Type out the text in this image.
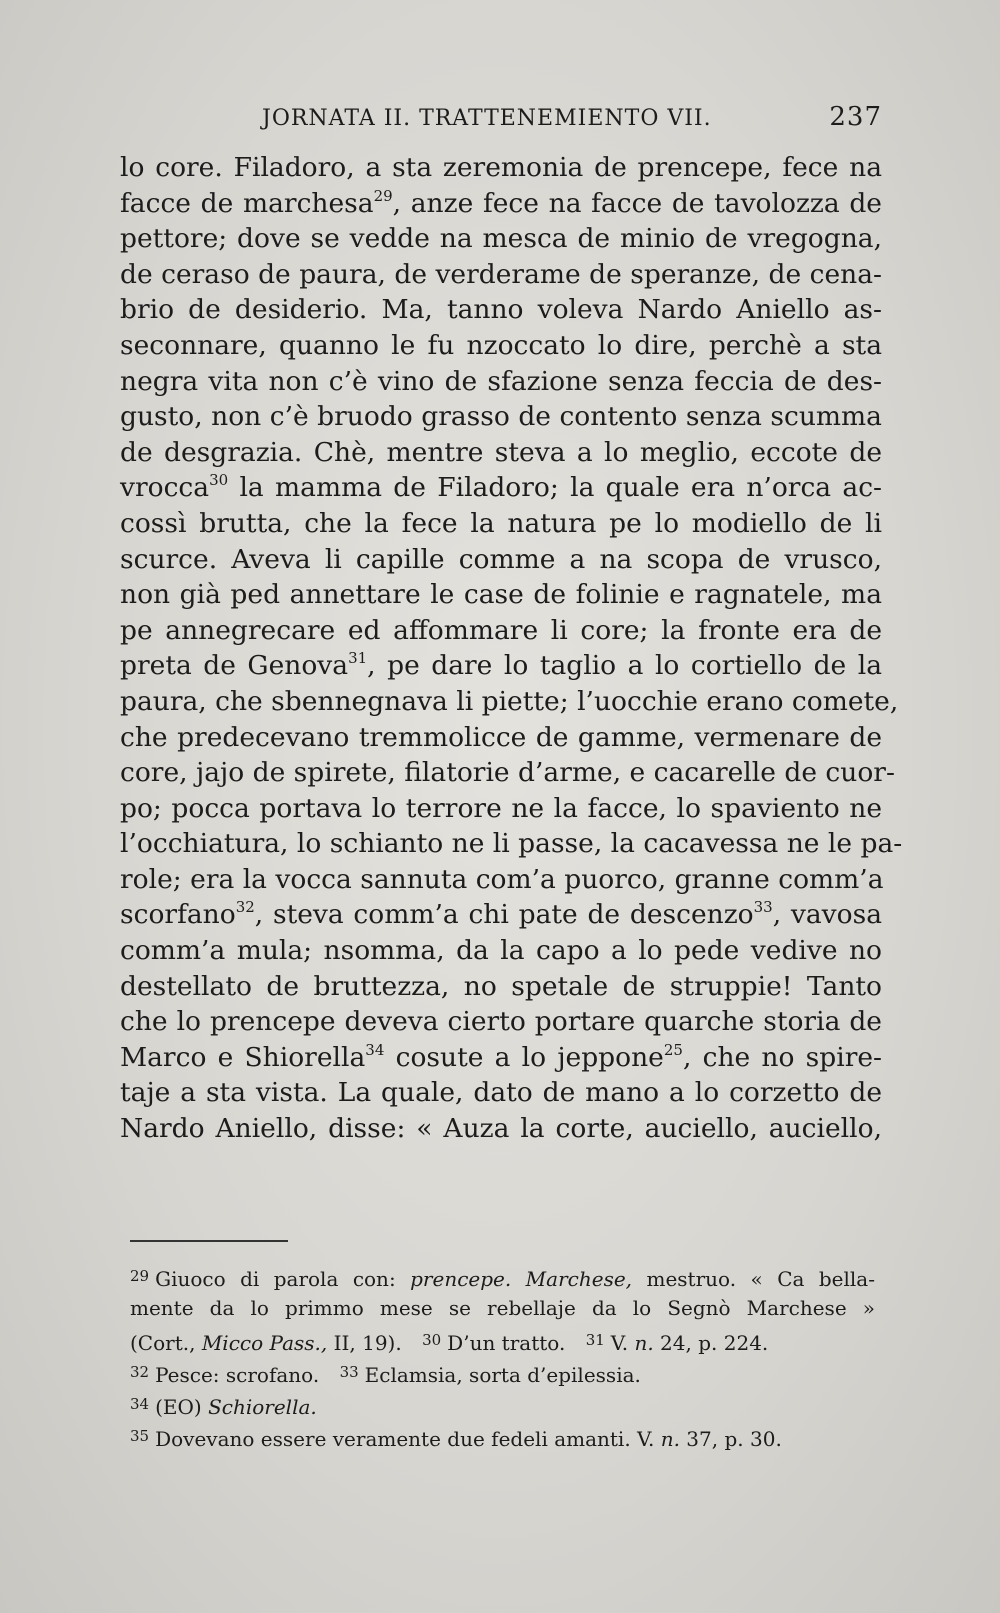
JORNATA II. TRATTENEMIENTO VII.	237
lo core. Filadoro, a sta zeremonia de prencepe, fece na
facce de marchesa$^{29}$, anze fece na facce de tavolozza de
pettore; dove se vedde na mesca de minio de vregogna,
de ceraso de paura, de verderame de speranze, de cena-
brio de desiderio. Ma, tanno voleva Nardo Aniello as-
seconnare, quanno le fu nzoccato lo dire, perchè a sta
negra vita non c’è vino de sfazione senza feccia de des-
gusto, non c’è bruodo grasso de contento senza scumma
de desgrazia. Chè, mentre steva a lo meglio, eccote de
vrocca$^{30}$ la mamma de Filadoro; la quale era n’orca ac-
cossì brutta, che la fece la natura pe lo modiello de li
scurce. Aveva li capille comme a na scopa de vrusco,
non già ped annettare le case de folinie e ragnatele, ma
pe annegrecare ed affommare li core; la fronte era de
preta de Genova$^{31}$, pe dare lo taglio a lo cortiello de la
paura, che sbennegnava li piette; l’uocchie erano comete,
che predecevano tremmolicce de gamme, vermenare de
core, jajo de spirete, filatorie d’arme, e cacarelle de cuor-
po; pocca portava lo terrore ne la facce, lo spaviento ne
l’occhiatura, lo schianto ne li passe, la cacavessa ne le pa-
role; era la vocca sannuta com’a puorco, granne comm’a
scorfano$^{32}$, steva comm’a chi pate de descenzo$^{33}$, vavosa
comm’a mula; nsomma, da la capo a lo pede vedive no
destellato de bruttezza, no spetale de struppie! Tanto
che lo prencepe deveva cierto portare quarche storia de
Marco e Shiorella$^{34}$ cosute a lo jeppone$^{25}$, che no spire-
taje a sta vista. La quale, dato de mano a lo corzetto de
Nardo Aniello, disse: « Auza la corte, auciello, auciello,
$^{29}$ Giuoco di parola con: prencepe. Marchese, mestruo. « Ca bella-
mente da lo primmo mese se rebellaje da lo Segnò Marchese »
(Cort., Micco Pass., II, 19). $^{30}$ D’un tratto. $^{31}$ V. n. 24, p. 224.
$^{32}$ Pesce: scrofano. $^{33}$ Eclamsia, sorta d’epilessia.
$^{34}$ (EO) Schiorella.
$^{35}$ Dovevano essere veramente due fedeli amanti. V. n. 37, p. 30.
